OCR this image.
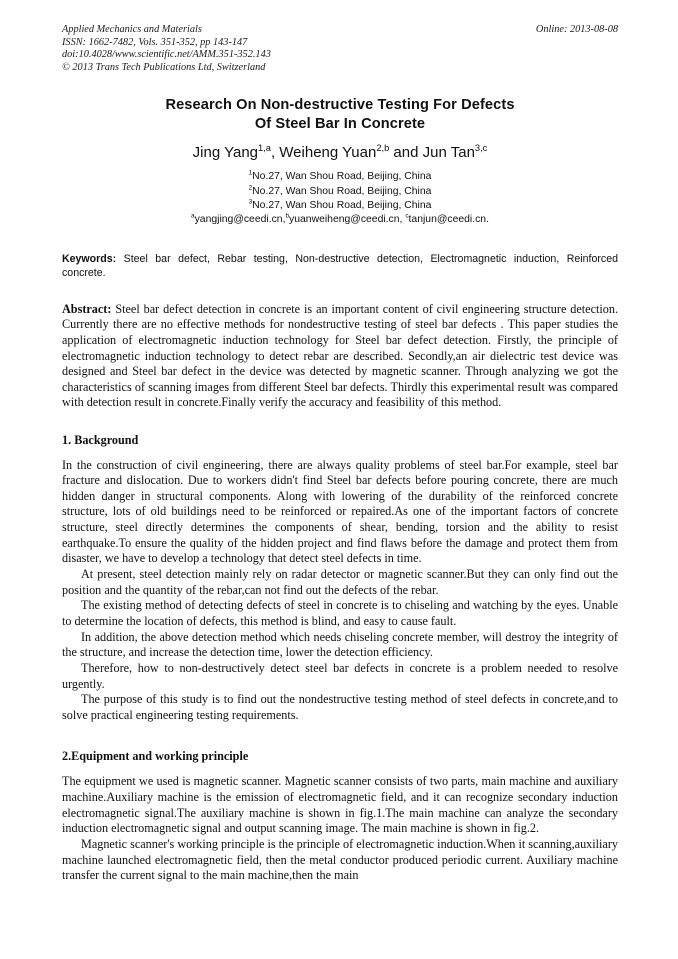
Online: 2013-08-08
Applied Mechanics and Materials
ISSN: 1662-7482, Vols. 351-352, pp 143-147
doi:10.4028/www.scientific.net/AMM.351-352.143
© 2013 Trans Tech Publications Ltd, Switzerland
Research On Non-destructive Testing For Defects
Of Steel Bar In Concrete
Jing Yang$^{1,a}$, Weiheng Yuan$^{2,b}$ and Jun Tan$^{3,c}$
$^1$No.27, Wan Shou Road, Beijing, China
$^2$No.27, Wan Shou Road, Beijing, China
$^3$No.27, Wan Shou Road, Beijing, China
$^a$yangjing@ceedi.cn,$^b$yuanweiheng@ceedi.cn, $^c$tanjun@ceedi.cn.
Keywords: Steel bar defect, Rebar testing, Non-destructive detection, Electromagnetic induction, Reinforced concrete.
Abstract: Steel bar defect detection in concrete is an important content of civil engineering structure detection. Currently there are no effective methods for nondestructive testing of steel bar defects . This paper studies the application of electromagnetic induction technology for Steel bar defect detection. Firstly, the principle of electromagnetic induction technology to detect rebar are described. Secondly,an air dielectric test device was designed and Steel bar defect in the device was detected by magnetic scanner. Through analyzing we got the characteristics of scanning images from different Steel bar defects. Thirdly this experimental result was compared with detection result in concrete.Finally verify the accuracy and feasibility of this method.
1. Background

In the construction of civil engineering, there are always quality problems of steel bar.For example, steel bar fracture and dislocation. Due to workers didn't find Steel bar defects before pouring concrete, there are much hidden danger in structural components. Along with lowering of the durability of the reinforced concrete structure, lots of old buildings need to be reinforced or repaired.As one of the important factors of concrete structure, steel directly determines the components of shear, bending, torsion and the ability to resist earthquake.To ensure the quality of the hidden project and find flaws before the damage and protect them from disaster, we have to develop a technology that detect steel defects in time.

At present, steel detection mainly rely on radar detector or magnetic scanner.But they can only find out the position and the quantity of the rebar,can not find out the defects of the rebar.

The existing method of detecting defects of steel in concrete is to chiseling and watching by the eyes. Unable to determine the location of defects, this method is blind, and easy to cause fault.

In addition, the above detection method which needs chiseling concrete member, will destroy the integrity of the structure, and increase the detection time, lower the detection efficiency.

Therefore, how to non-destructively detect steel bar defects in concrete is a problem needed to resolve urgently.

The purpose of this study is to find out the nondestructive testing method of steel defects in concrete,and to solve practical engineering testing requirements.

2.Equipment and working principle

The equipment we used is magnetic scanner. Magnetic scanner consists of two parts, main machine and auxiliary machine.Auxiliary machine is the emission of electromagnetic field, and it can recognize secondary induction electromagnetic signal.The auxiliary machine is shown in fig.1.The main machine can analyze the secondary induction electromagnetic signal and output scanning image. The main machine is shown in fig.2.

Magnetic scanner's working principle is the principle of electromagnetic induction.When it scanning,auxiliary machine launched electromagnetic field, then the metal conductor produced periodic current. Auxiliary machine transfer the current signal to the main machine,then the main
